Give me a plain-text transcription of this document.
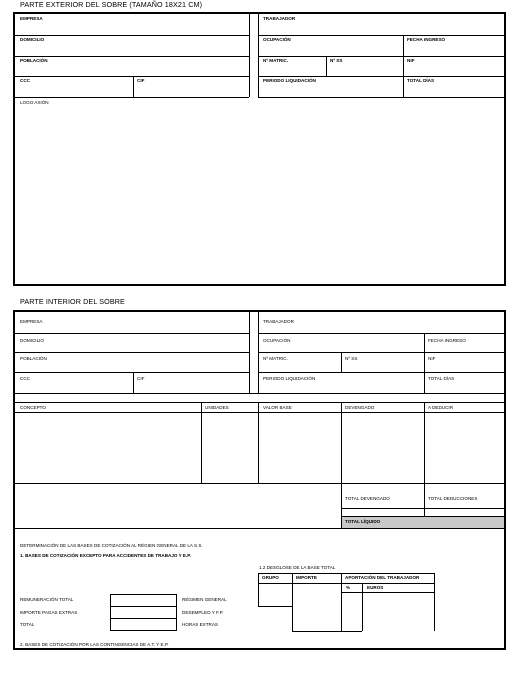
PARTE EXTERIOR DEL SOBRE (TAMAÑO 18X21 CM)
EMPRESA	TRABAJADOR
DOMICILIO	OCUPACIÓN	FECHA INGRESO
POBLACIÓN	Nº MATRIC.	Nº SS	NIF
CCC	CIF	PERIODO LIQUIDACIÓN	TOTAL DÍAS
LOGO AXIÓN
PARTE INTERIOR DEL SOBRE
EMPRESA	TRABAJADOR
DOMICILIO	OCUPACIÓN	FECHA INGRESO
POBLACIÓN	Nº MATRIC.	Nº SS	NIF
CCC	CIF	PERIODO LIQUIDACIÓN	TOTAL DÍAS
CONCEPTO	UNIDADES	VALOR BASE	DEVENGADO	A DEDUCIR
TOTAL DEVENGADO	TOTAL DEDUCCIONES
TOTAL LÍQUIDO
DETERMINACIÓN DE LAS BASES DE COTIZACIÓN AL RÉGIEN GENERAL DE LA S.S.
1. BASES DE COTIZACIÓN EXCEPTO PARA ACCIDENTES DE TRABAJO Y E.P.
1.2 DESGLOSE DE LA BASE TOTAL
GRUPO	IMPORTE	APORTACIÓN DEL TRABAJADOR
%	EUROS
REMUNERACIÓN TOTAL
IMPORTE PAGAS EXTRAS
TOTAL
RÉGIMEN GENERAL
DESEMPLEO Y F.P.
HORAS EXTRAS
2. BASES DE COTIZACIÓN POR LAS CONTINGENCIAS DE A.T. Y E.P.
